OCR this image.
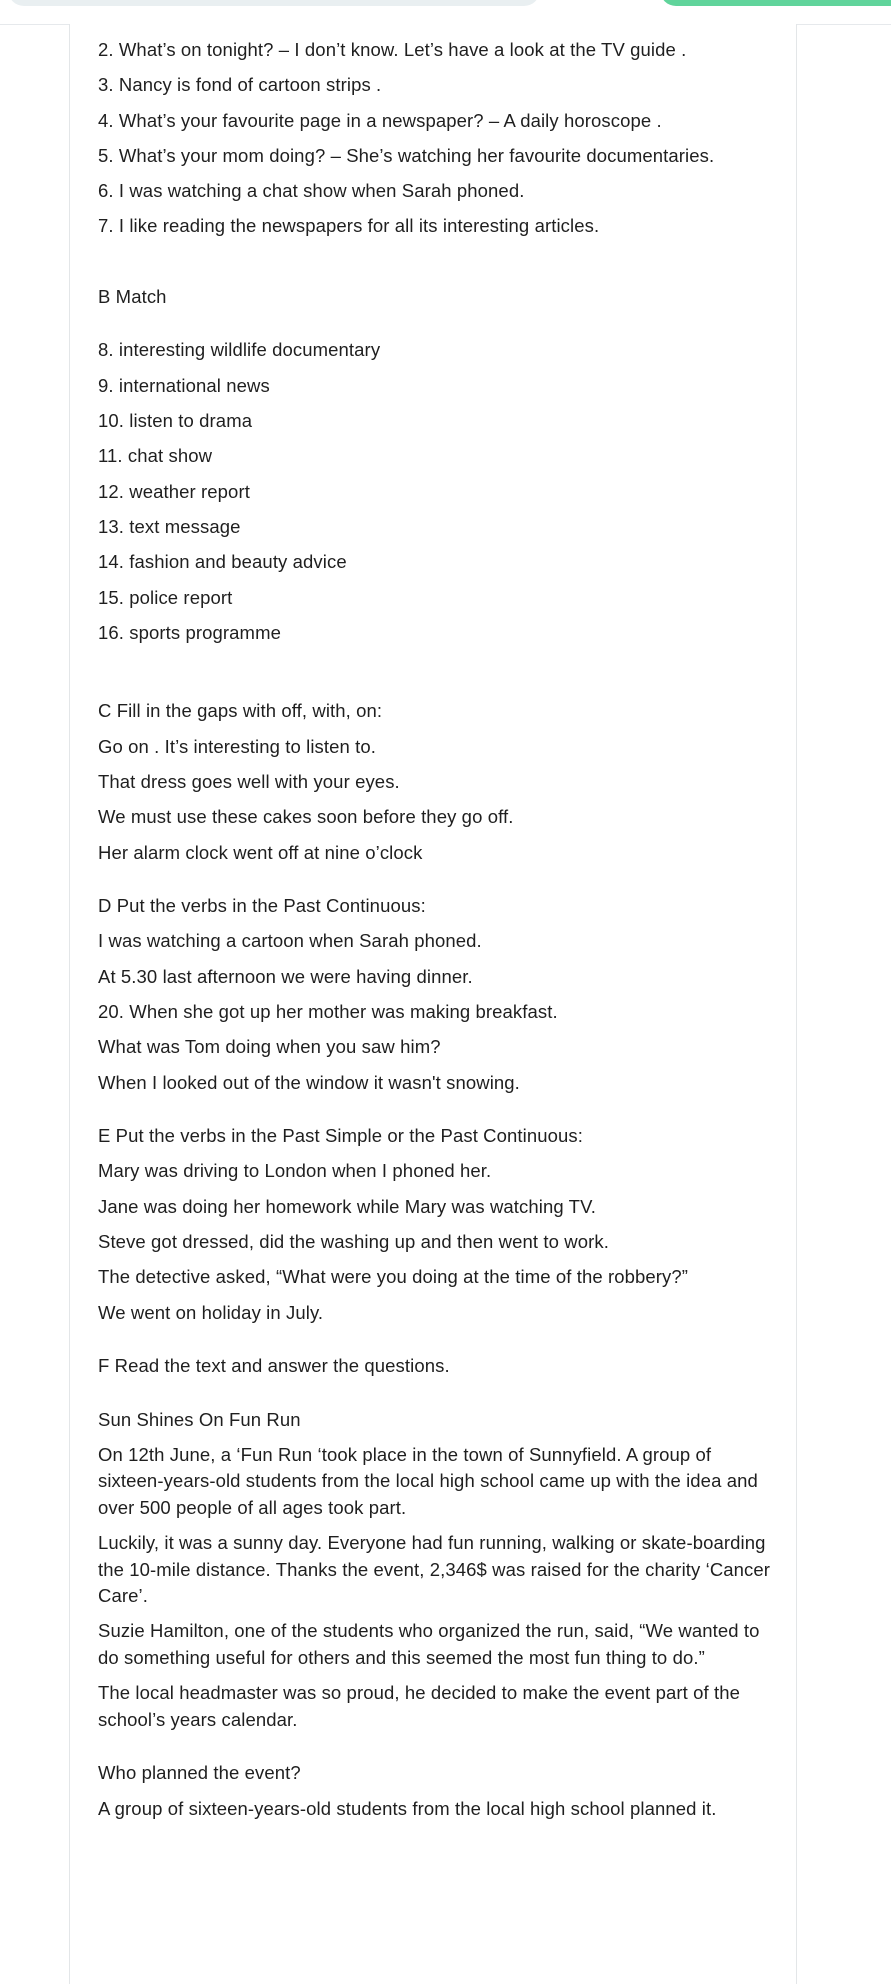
2. What’s on tonight? – I don’t know. Let’s have a look at the TV guide .

3. Nancy is fond of cartoon strips .

4. What’s your favourite page in a newspaper? – A daily horoscope .

5. What’s your mom doing? – She’s watching her favourite documentaries.

6. I was watching a chat show when Sarah phoned.

7. I like reading the newspapers for all its interesting articles.

B Match

8. interesting wildlife documentary

9. international news

10. listen to drama

11. chat show

12. weather report

13. text message

14. fashion and beauty advice

15. police report

16. sports programme

C Fill in the gaps with off, with, on:

Go on . It’s interesting to listen to.

That dress goes well with your eyes.

We must use these cakes soon before they go off.

Her alarm clock went off at nine o’clock

D Put the verbs in the Past Continuous:

I was watching a cartoon when Sarah phoned.

At 5.30 last afternoon we were having dinner.

20. When she got up her mother was making breakfast.

What was Tom doing when you saw him?

When I looked out of the window it wasn't snowing.

E Put the verbs in the Past Simple or the Past Continuous:

Mary was driving to London when I phoned her.

Jane was doing her homework while Mary was watching TV.

Steve got dressed, did the washing up and then went to work.

The detective asked, “What were you doing at the time of the robbery?”

We went on holiday in July.

F Read the text and answer the questions.

Sun Shines On Fun Run

On 12th June, a ‘Fun Run ‘took place in the town of Sunnyfield. A group of sixteen-years-old students from the local high school came up with the idea and over 500 people of all ages took part.

Luckily, it was a sunny day. Everyone had fun running, walking or skate-boarding the 10-mile distance. Thanks the event, 2,346$ was raised for the charity ‘Cancer Care’.

Suzie Hamilton, one of the students who organized the run, said, “We wanted to do something useful for others and this seemed the most fun thing to do.”

The local headmaster was so proud, he decided to make the event part of the school’s years calendar.

Who planned the event?

A group of sixteen-years-old students from the local high school planned it.
